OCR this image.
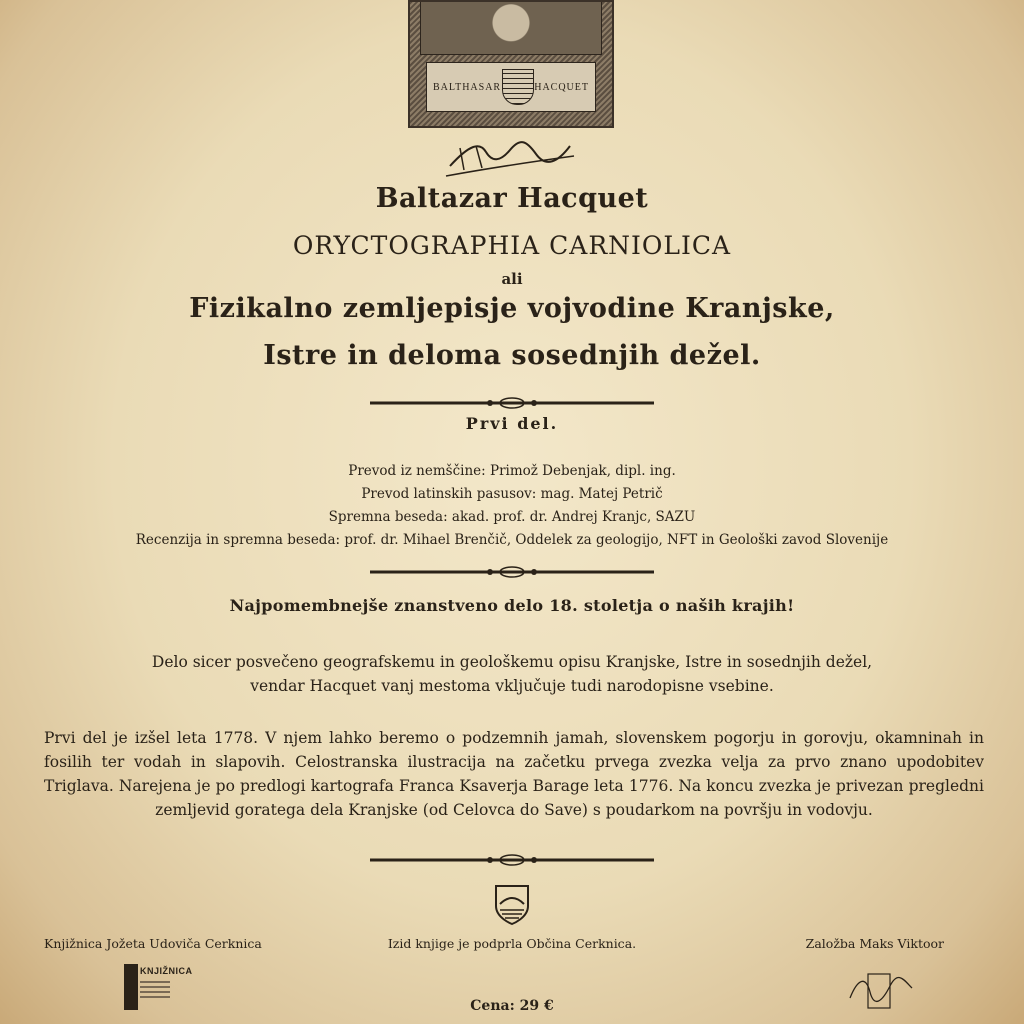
BALTHASAR	HACQUET
Baltazar Hacquet
ORYCTOGRAPHIA CARNIOLICA
ali
Fizikalno zemljepisje vojvodine Kranjske,
Istre in deloma sosednjih dežel.
Prvi del.
Prevod iz nemščine: Primož Debenjak, dipl. ing.
Prevod latinskih pasusov: mag. Matej Petrič
Spremna beseda: akad. prof. dr. Andrej Kranjc, SAZU
Recenzija in spremna beseda: prof. dr. Mihael Brenčič, Oddelek za geologijo, NFT in Geološki zavod Slovenije
Najpomembnejše znanstveno delo 18. stoletja o naših krajih!
Delo sicer posvečeno geografskemu in geološkemu opisu Kranjske, Istre in sosednjih dežel,
vendar Hacquet vanj mestoma vključuje tudi narodopisne vsebine.
Prvi del je izšel leta 1778. V njem lahko beremo o podzemnih jamah, slovenskem pogorju in gorovju, okamninah in fosilih ter vodah in slapovih. Celostranska ilustracija na začetku prvega zvezka velja za prvo znano upodobitev Triglava. Narejena je po predlogi kartografa Franca Ksaverja Barage leta 1776. Na koncu zvezka je privezan pregledni zemljevid goratega dela Kranjske (od Celovca do Save) s poudarkom na površju in vodovju.
Knjižnica Jožeta Udoviča Cerknica	Izid knjige je podprla Občina Cerknica.	Založba Maks Viktoor
KNJIŽNICA
Cena: 29 €
